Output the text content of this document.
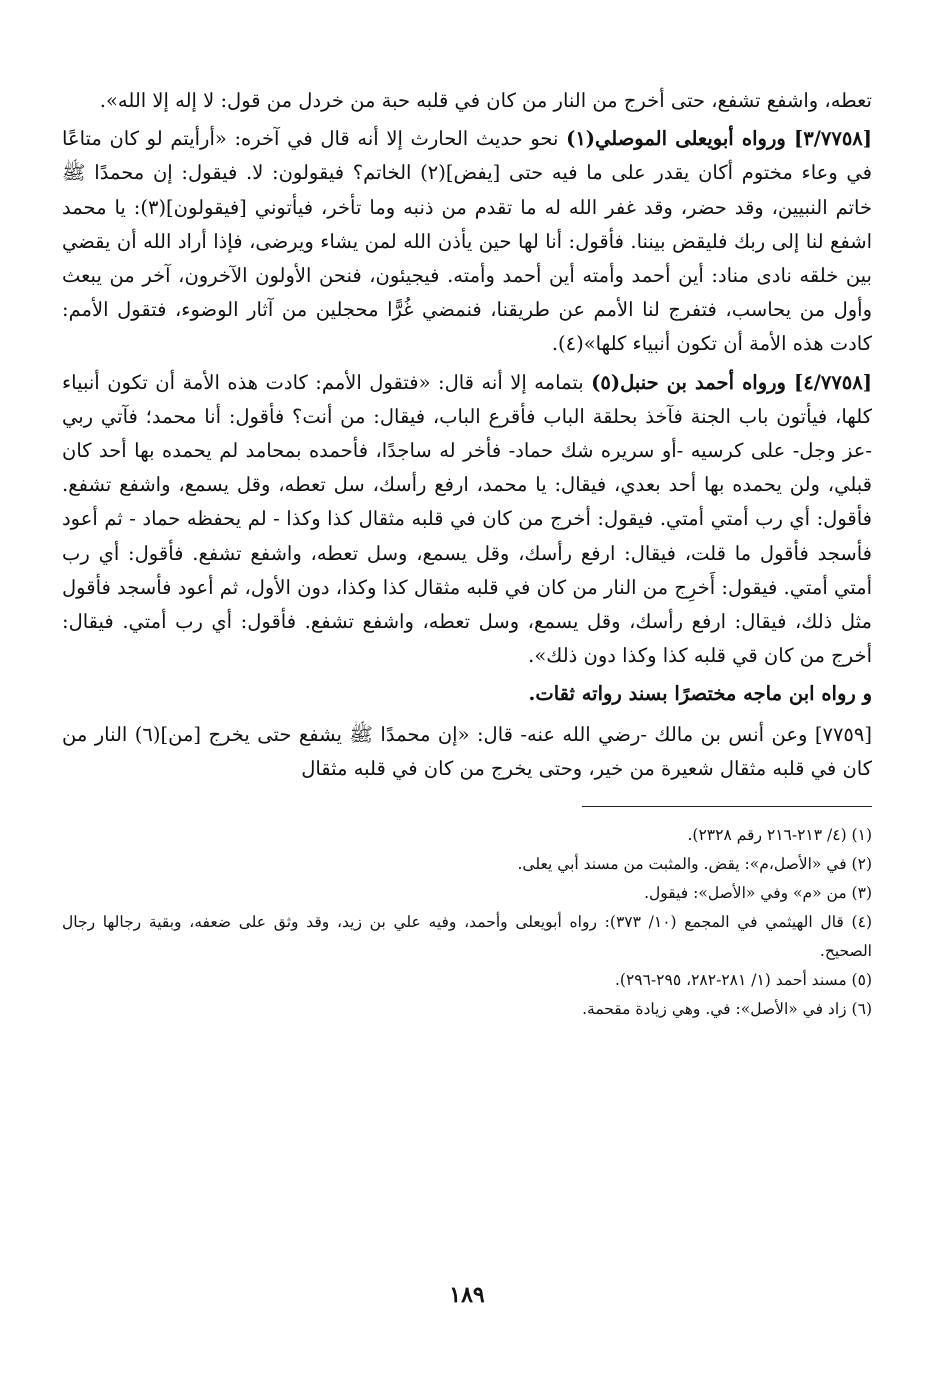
تعطه، واشفع تشفع، حتى أخرج من النار من كان في قلبه حبة من خردل من قول: لا إله إلا الله».

[٣/٧٧٥٨] ورواه أبويعلى الموصلي(١) نحو حديث الحارث إلا أنه قال في آخره: «أرأيتم لو كان متاعًا في وعاء مختوم أكان يقدر على ما فيه حتى [يفض](٢) الخاتم؟ فيقولون: لا. فيقول: إن محمدًا ﷺ خاتم النبيين، وقد حضر، وقد غفر الله له ما تقدم من ذنبه وما تأخر، فيأتوني [فيقولون](٣): يا محمد اشفع لنا إلى ربك فليقض بيننا. فأقول: أنا لها حين يأذن الله لمن يشاء ويرضى، فإذا أراد الله أن يقضي بين خلقه نادى مناد: أين أحمد وأمته أين أحمد وأمته. فيجيئون، فنحن الأولون الآخرون، آخر من يبعث وأول من يحاسب، فتفرج لنا الأمم عن طريقنا، فنمضي غُرًّا محجلين من آثار الوضوء، فتقول الأمم: كادت هذه الأمة أن تكون أنبياء كلها»(٤).

[٤/٧٧٥٨] ورواه أحمد بن حنبل(٥) بتمامه إلا أنه قال: «فتقول الأمم: كادت هذه الأمة أن تكون أنبياء كلها، فيأتون باب الجنة فآخذ بحلقة الباب فأقرع الباب، فيقال: من أنت؟ فأقول: أنا محمد؛ فآتي ربي -عز وجل- على كرسيه -أو سريره شك حماد- فأخر له ساجدًا، فأحمده بمحامد لم يحمده بها أحد كان قبلي، ولن يحمده بها أحد بعدي، فيقال: يا محمد، ارفع رأسك، سل تعطه، وقل يسمع، واشفع تشفع. فأقول: أي رب أمتي أمتي. فيقول: أخرج من كان في قلبه مثقال كذا وكذا - لم يحفظه حماد - ثم أعود فأسجد فأقول ما قلت، فيقال: ارفع رأسك، وقل يسمع، وسل تعطه، واشفع تشفع. فأقول: أي رب أمتي أمتي. فيقول: أَخرِج من النار من كان في قلبه مثقال كذا وكذا، دون الأول، ثم أعود فأسجد فأقول مثل ذلك، فيقال: ارفع رأسك، وقل يسمع، وسل تعطه، واشفع تشفع. فأقول: أي رب أمتي. فيقال: أخرج من كان قي قلبه كذا وكذا دون ذلك».

و رواه ابن ماجه مختصرًا بسند رواته ثقات.

[٧٧٥٩] وعن أنس بن مالك -رضي الله عنه- قال: «إن محمدًا ﷺ يشفع حتى يخرج [من](٦) النار من كان في قلبه مثقال شعيرة من خير، وحتى يخرج من كان في قلبه مثقال

(١) (٤/ ٢١٣-٢١٦ رقم ٢٣٢٨).

(٢) في «الأصل،م»: يقض. والمثبت من مسند أبي يعلى.

(٣) من «م» وفي «الأصل»: فيقول.

(٤) قال الهيثمي في المجمع (١٠/ ٣٧٣): رواه أبويعلى وأحمد، وفيه علي بن زيد، وقد وثق على ضعفه، وبقية رجالها رجال الصحيح.

(٥) مسند أحمد (١/ ٢٨١-٢٨٢، ٢٩٥-٢٩٦).

(٦) زاد في «الأصل»: في. وهي زيادة مقحمة.

١٨٩
